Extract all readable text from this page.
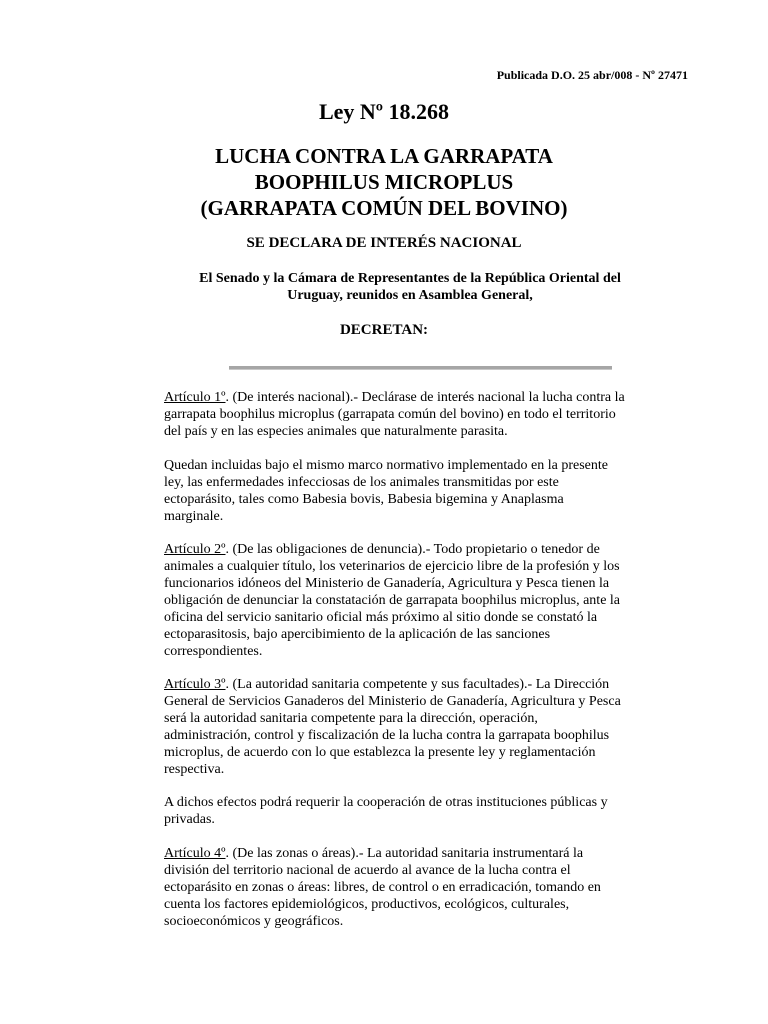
Publicada D.O. 25 abr/008 - Nº 27471
Ley Nº 18.268
LUCHA CONTRA LA GARRAPATA
BOOPHILUS MICROPLUS
(GARRAPATA COMÚN DEL BOVINO)
SE DECLARA DE INTERÉS NACIONAL
El Senado y la Cámara de Representantes de la República Oriental del
Uruguay, reunidos en Asamblea General,
DECRETAN:
Artículo 1º. (De interés nacional).- Declárase de interés nacional la lucha contra la
garrapata boophilus microplus (garrapata común del bovino) en todo el territorio
del país y en las especies animales que naturalmente parasita.
Quedan incluidas bajo el mismo marco normativo implementado en la presente
ley, las enfermedades infecciosas de los animales transmitidas por este
ectoparásito, tales como Babesia bovis, Babesia bigemina y Anaplasma
marginale.
Artículo 2º. (De las obligaciones de denuncia).- Todo propietario o tenedor de
animales a cualquier título, los veterinarios de ejercicio libre de la profesión y los
funcionarios idóneos del Ministerio de Ganadería, Agricultura y Pesca tienen la
obligación de denunciar la constatación de garrapata boophilus microplus, ante la
oficina del servicio sanitario oficial más próximo al sitio donde se constató la
ectoparasitosis, bajo apercibimiento de la aplicación de las sanciones
correspondientes.
Artículo 3º. (La autoridad sanitaria competente y sus facultades).- La Dirección
General de Servicios Ganaderos del Ministerio de Ganadería, Agricultura y Pesca
será la autoridad sanitaria competente para la dirección, operación,
administración, control y fiscalización de la lucha contra la garrapata boophilus
microplus, de acuerdo con lo que establezca la presente ley y reglamentación
respectiva.
A dichos efectos podrá requerir la cooperación de otras instituciones públicas y
privadas.
Artículo 4º. (De las zonas o áreas).- La autoridad sanitaria instrumentará la
división del territorio nacional de acuerdo al avance de la lucha contra el
ectoparásito en zonas o áreas: libres, de control o en erradicación, tomando en
cuenta los factores epidemiológicos, productivos, ecológicos, culturales,
socioeconómicos y geográficos.
